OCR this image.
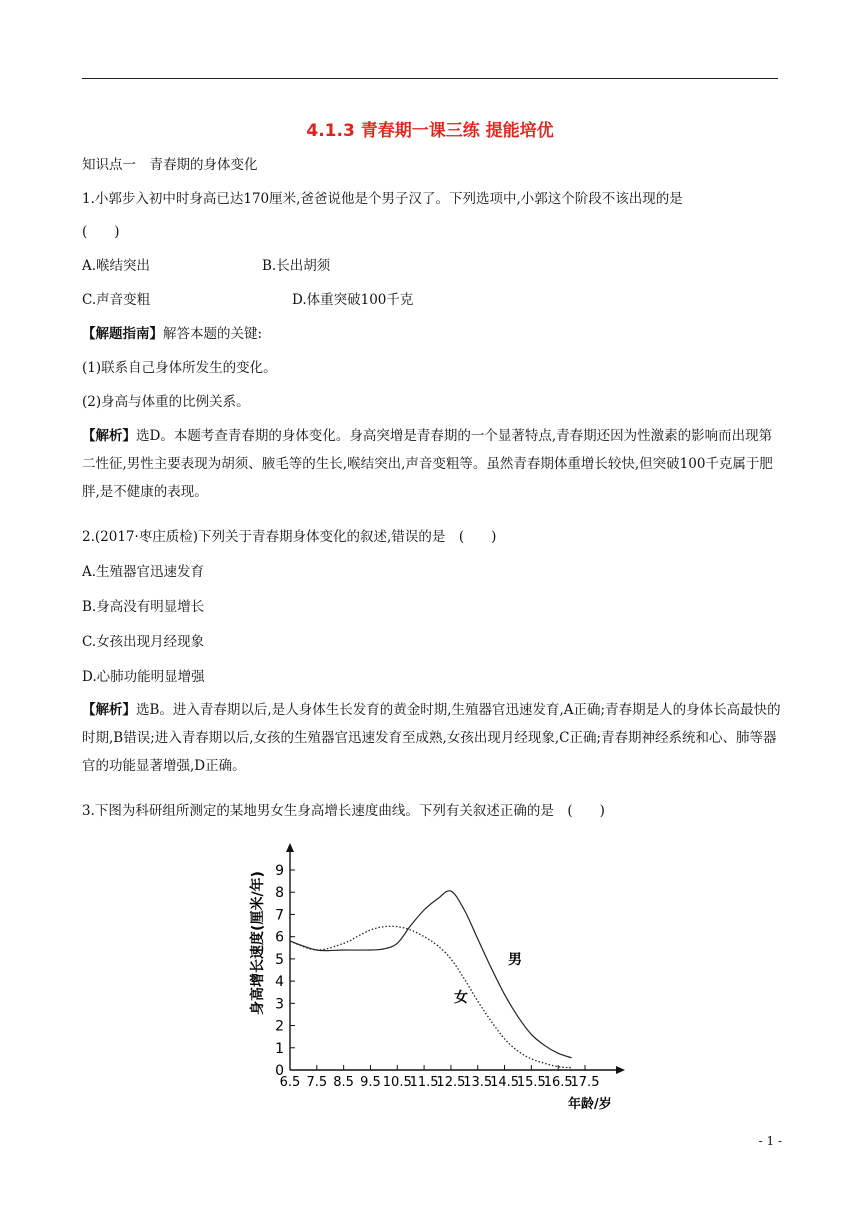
4.1.3 青春期一课三练 提能培优
知识点一　青春期的身体变化
1.小郭步入初中时身高已达170厘米,爸爸说他是个男子汉了。下列选项中,小郭这个阶段不该出现的是
(　　)
A.喉结突出	B.长出胡须
C.声音变粗	D.体重突破100千克
【解题指南】解答本题的关键:
(1)联系自己身体所发生的变化。
(2)身高与体重的比例关系。
【解析】选D。本题考查青春期的身体变化。身高突增是青春期的一个显著特点,青春期还因为性激素的影响而出现第二性征,男性主要表现为胡须、腋毛等的生长,喉结突出,声音变粗等。虽然青春期体重增长较快,但突破100千克属于肥胖,是不健康的表现。
2.(2017·枣庄质检)下列关于青春期身体变化的叙述,错误的是　(　　)
A.生殖器官迅速发育
B.身高没有明显增长
C.女孩出现月经现象
D.心肺功能明显增强
【解析】选B。进入青春期以后,是人身体生长发育的黄金时期,生殖器官迅速发育,A正确;青春期是人的身体长高最快的时期,B错误;进入青春期以后,女孩的生殖器官迅速发育至成熟,女孩出现月经现象,C正确;青春期神经系统和心、肺等器官的功能显著增强,D正确。
3.下图为科研组所测定的某地男女生身高增长速度曲线。下列有关叙述正确的是　(　　)
0
1
2
3
4
5
6
7
8
9
6.5 7.5 8.5 9.5 10.5
11.5
12.5
13.5
14.5
15.5
16.5
17.5
身高增长速度(厘米/年)
年龄/岁
男
女
- 1 -
